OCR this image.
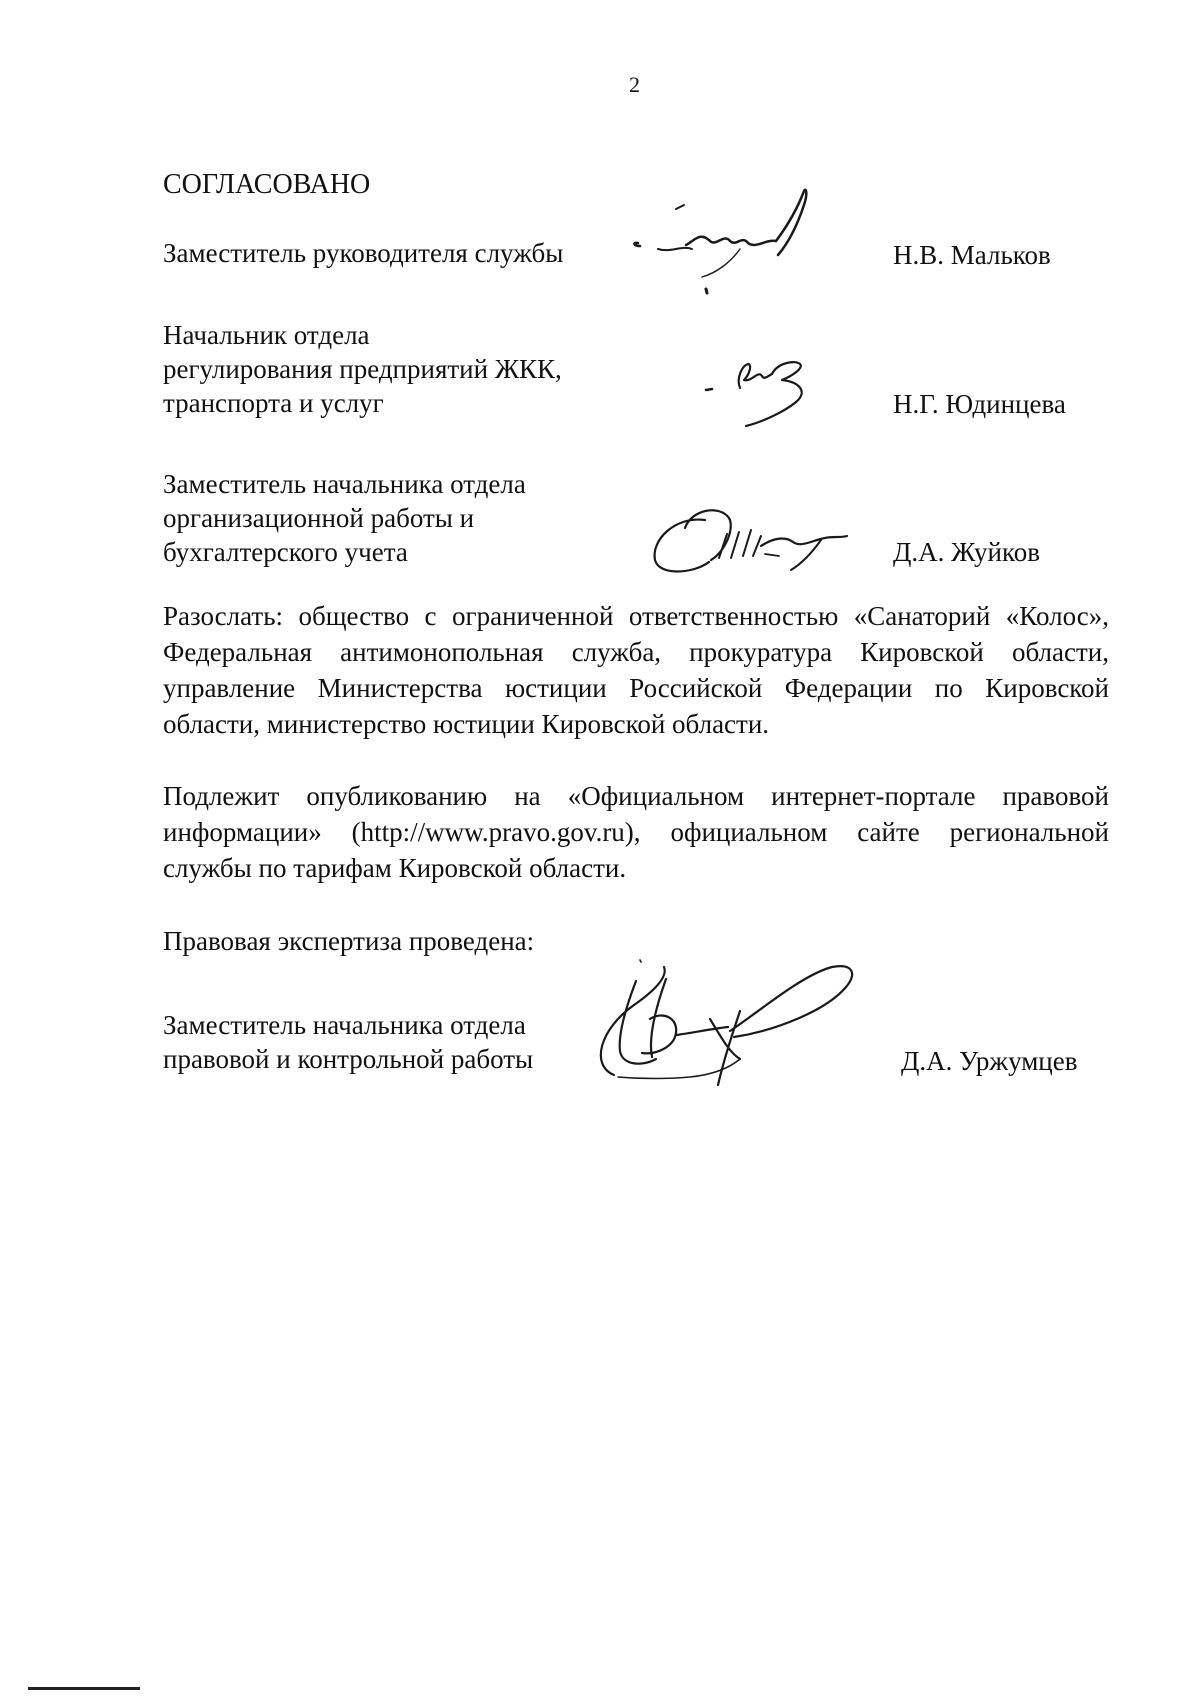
2
СОГЛАСОВАНО
Заместитель руководителя службы	Н.В. Мальков
Начальник отдела
регулирования предприятий ЖКК,
транспорта и услуг	Н.Г. Юдинцева
Заместитель начальника отдела
организационной работы и
бухгалтерского учета	Д.А. Жуйков
Разослать: общество с ограниченной ответственностью «Санаторий «Колос», Федеральная антимонопольная служба, прокуратура Кировской области, управление Министерства юстиции Российской Федерации по Кировской области, министерство юстиции Кировской области.
Подлежит опубликованию на «Официальном интернет-портале правовой информации» (http://www.pravo.gov.ru), официальном сайте региональной службы по тарифам Кировской области.
Правовая экспертиза проведена:
Заместитель начальника отдела
правовой и контрольной работы	Д.А. Уржумцев
